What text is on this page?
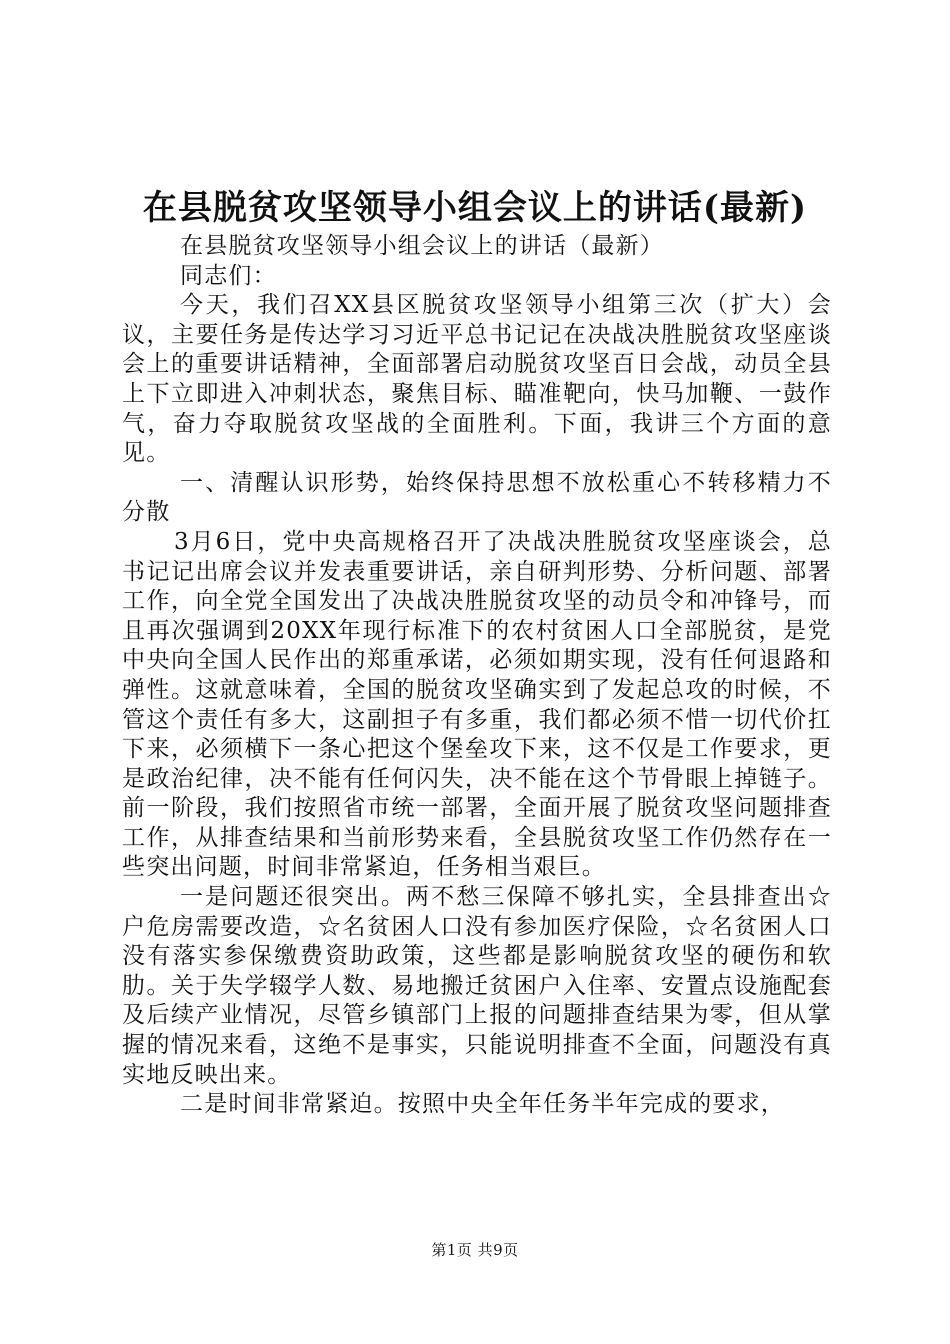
在县脱贫攻坚领导小组会议上的讲话(最新)

在县脱贫攻坚领导小组会议上的讲话（最新）

同志们：

今天，我们召XX县区脱贫攻坚领导小组第三次（扩大）会议，主要任务是传达学习习近平总书记记在决战决胜脱贫攻坚座谈会上的重要讲话精神，全面部署启动脱贫攻坚百日会战，动员全县上下立即进入冲刺状态，聚焦目标、瞄准靶向，快马加鞭、一鼓作气，奋力夺取脱贫攻坚战的全面胜利。下面，我讲三个方面的意见。

一、清醒认识形势，始终保持思想不放松重心不转移精力不分散

3月6日，党中央高规格召开了决战决胜脱贫攻坚座谈会，总书记记出席会议并发表重要讲话，亲自研判形势、分析问题、部署工作，向全党全国发出了决战决胜脱贫攻坚的动员令和冲锋号，而且再次强调到20XX年现行标准下的农村贫困人口全部脱贫，是党中央向全国人民作出的郑重承诺，必须如期实现，没有任何退路和弹性。这就意味着，全国的脱贫攻坚确实到了发起总攻的时候，不管这个责任有多大，这副担子有多重，我们都必须不惜一切代价扛下来，必须横下一条心把这个堡垒攻下来，这不仅是工作要求，更是政治纪律，决不能有任何闪失，决不能在这个节骨眼上掉链子。前一阶段，我们按照省市统一部署，全面开展了脱贫攻坚问题排查工作，从排查结果和当前形势来看，全县脱贫攻坚工作仍然存在一些突出问题，时间非常紧迫，任务相当艰巨。

一是问题还很突出。两不愁三保障不够扎实，全县排查出☆户危房需要改造，☆名贫困人口没有参加医疗保险，☆名贫困人口没有落实参保缴费资助政策，这些都是影响脱贫攻坚的硬伤和软肋。关于失学辍学人数、易地搬迁贫困户入住率、安置点设施配套及后续产业情况，尽管乡镇部门上报的问题排查结果为零，但从掌握的情况来看，这绝不是事实，只能说明排查不全面，问题没有真实地反映出来。

二是时间非常紧迫。按照中央全年任务半年完成的要求，

第1页 共9页
